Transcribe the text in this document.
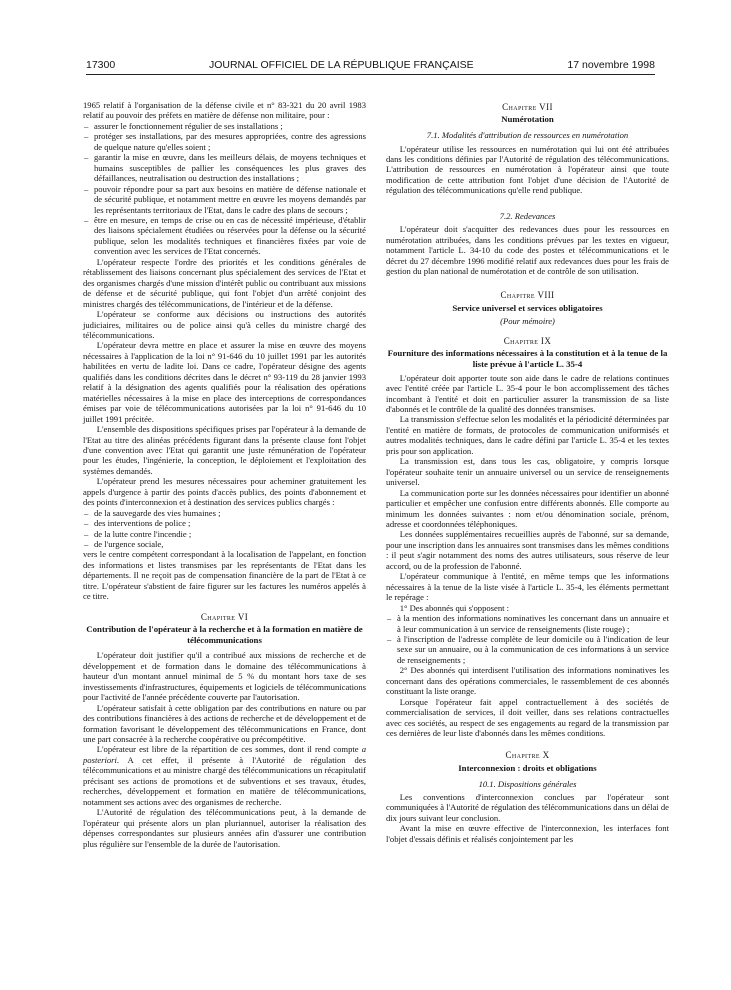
17300	JOURNAL OFFICIEL DE LA RÉPUBLIQUE FRANÇAISE	17 novembre 1998

1965 relatif à l'organisation de la défense civile et n° 83-321 du 20 avril 1983 relatif au pouvoir des préfets en matière de défense non militaire, pour :

– assurer le fonctionnement régulier de ses installations ;
– protéger ses installations, par des mesures appropriées, contre des agressions de quelque nature qu'elles soient ;
– garantir la mise en œuvre, dans les meilleurs délais, de moyens techniques et humains susceptibles de pallier les conséquences les plus graves des défaillances, neutralisation ou destruction des installations ;
– pouvoir répondre pour sa part aux besoins en matière de défense nationale et de sécurité publique, et notamment mettre en œuvre les moyens demandés par les représentants territoriaux de l'Etat, dans le cadre des plans de secours ;
– être en mesure, en temps de crise ou en cas de nécessité impérieuse, d'établir des liaisons spécialement étudiées ou réservées pour la défense ou la sécurité publique, selon les modalités techniques et financières fixées par voie de convention avec les services de l'Etat concernés.

L'opérateur respecte l'ordre des priorités et les conditions générales de rétablissement des liaisons concernant plus spécialement des services de l'Etat et des organismes chargés d'une mission d'intérêt public ou contribuant aux missions de défense et de sécurité publique, qui font l'objet d'un arrêté conjoint des ministres chargés des télécommunications, de l'intérieur et de la défense.

L'opérateur se conforme aux décisions ou instructions des autorités judiciaires, militaires ou de police ainsi qu'à celles du ministre chargé des télécommunications.

L'opérateur devra mettre en place et assurer la mise en œuvre des moyens nécessaires à l'application de la loi n° 91-646 du 10 juillet 1991 par les autorités habilitées en vertu de ladite loi. Dans ce cadre, l'opérateur désigne des agents qualifiés dans les conditions décrites dans le décret n° 93-119 du 28 janvier 1993 relatif à la désignation des agents qualifiés pour la réalisation des opérations matérielles nécessaires à la mise en place des interceptions de correspondances émises par voie de télécommunications autorisées par la loi n° 91-646 du 10 juillet 1991 précitée.

L'ensemble des dispositions spécifiques prises par l'opérateur à la demande de l'Etat au titre des alinéas précédents figurant dans la présente clause font l'objet d'une convention avec l'Etat qui garantit une juste rémunération de l'opérateur pour les études, l'ingénierie, la conception, le déploiement et l'exploitation des systèmes demandés.

L'opérateur prend les mesures nécessaires pour acheminer gratuitement les appels d'urgence à partir des points d'accès publics, des points d'abonnement et des points d'interconnexion et à destination des services publics chargés :

– de la sauvegarde des vies humaines ;
– des interventions de police ;
– de la lutte contre l'incendie ;
– de l'urgence sociale,

vers le centre compétent correspondant à la localisation de l'appelant, en fonction des informations et listes transmises par les représentants de l'Etat dans les départements. Il ne reçoit pas de compensation financière de la part de l'Etat à ce titre. L'opérateur s'abstient de faire figurer sur les factures les numéros appelés à ce titre.

Chapitre VI
Contribution de l'opérateur à la recherche et à la formation en matière de télécommunications

L'opérateur doit justifier qu'il a contribué aux missions de recherche et de développement et de formation dans le domaine des télécommunications à hauteur d'un montant annuel minimal de 5 % du montant hors taxe de ses investissements d'infrastructures, équipements et logiciels de télécommunications pour l'activité de l'année précédente couverte par l'autorisation.

L'opérateur satisfait à cette obligation par des contributions en nature ou par des contributions financières à des actions de recherche et de développement et de formation favorisant le développement des télécommunications en France, dont une part consacrée à la recherche coopérative ou précompétitive.

L'opérateur est libre de la répartition de ces sommes, dont il rend compte a posteriori. A cet effet, il présente à l'Autorité de régulation des télécommunications et au ministre chargé des télécommunications un récapitulatif précisant ses actions de promotions et de subventions et ses travaux, études, recherches, développement et formation en matière de télécommunications, notamment ses actions avec des organismes de recherche.

L'Autorité de régulation des télécommunications peut, à la demande de l'opérateur qui présente alors un plan pluriannuel, autoriser la réalisation des dépenses correspondantes sur plusieurs années afin d'assurer une contribution plus régulière sur l'ensemble de la durée de l'autorisation.

Chapitre VII
Numérotation
7.1. Modalités d'attribution de ressources en numérotation

L'opérateur utilise les ressources en numérotation qui lui ont été attribuées dans les conditions définies par l'Autorité de régulation des télécommunications. L'attribution de ressources en numérotation à l'opérateur ainsi que toute modification de cette attribution font l'objet d'une décision de l'Autorité de régulation des télécommunications qu'elle rend publique.

7.2. Redevances

L'opérateur doit s'acquitter des redevances dues pour les ressources en numérotation attribuées, dans les conditions prévues par les textes en vigueur, notamment l'article L. 34-10 du code des postes et télécommunications et le décret du 27 décembre 1996 modifié relatif aux redevances dues pour les frais de gestion du plan national de numérotation et de contrôle de son utilisation.

Chapitre VIII
Service universel et services obligatoires
(Pour mémoire)
Chapitre IX
Fourniture des informations nécessaires à la constitution et à la tenue de la liste prévue à l'article L. 35-4

L'opérateur doit apporter toute son aide dans le cadre de relations continues avec l'entité créée par l'article L. 35-4 pour le bon accomplissement des tâches incombant à l'entité et doit en particulier assurer la transmission de sa liste d'abonnés et le contrôle de la qualité des données transmises.

La transmission s'effectue selon les modalités et la périodicité déterminées par l'entité en matière de formats, de protocoles de communication uniformisés et autres modalités techniques, dans le cadre défini par l'article L. 35-4 et les textes pris pour son application.

La transmission est, dans tous les cas, obligatoire, y compris lorsque l'opérateur souhaite tenir un annuaire universel ou un service de renseignements universel.

La communication porte sur les données nécessaires pour identifier un abonné particulier et empêcher une confusion entre différents abonnés. Elle comporte au minimum les données suivantes : nom et/ou dénomination sociale, prénom, adresse et coordonnées téléphoniques.

Les données supplémentaires recueillies auprès de l'abonné, sur sa demande, pour une inscription dans les annuaires sont transmises dans les mêmes conditions : il peut s'agir notamment des noms des autres utilisateurs, sous réserve de leur accord, ou de la profession de l'abonné.

L'opérateur communique à l'entité, en même temps que les informations nécessaires à la tenue de la liste visée à l'article L. 35-4, les éléments permettant le repérage :

1° Des abonnés qui s'opposent :

– à la mention des informations nominatives les concernant dans un annuaire et à leur communication à un service de renseignements (liste rouge) ;
– à l'inscription de l'adresse complète de leur domicile ou à l'indication de leur sexe sur un annuaire, ou à la communication de ces informations à un service de renseignements ;

2° Des abonnés qui interdisent l'utilisation des informations nominatives les concernant dans des opérations commerciales, le rassemblement de ces abonnés constituant la liste orange.

Lorsque l'opérateur fait appel contractuellement à des sociétés de commercialisation de services, il doit veiller, dans ses relations contractuelles avec ces sociétés, au respect de ses engagements au regard de la transmission par ces dernières de leur liste d'abonnés dans les mêmes conditions.

Chapitre X
Interconnexion : droits et obligations
10.1. Dispositions générales

Les conventions d'interconnexion conclues par l'opérateur sont communiquées à l'Autorité de régulation des télécommunications dans un délai de dix jours suivant leur conclusion.

Avant la mise en œuvre effective de l'interconnexion, les interfaces font l'objet d'essais définis et réalisés conjointement par les
